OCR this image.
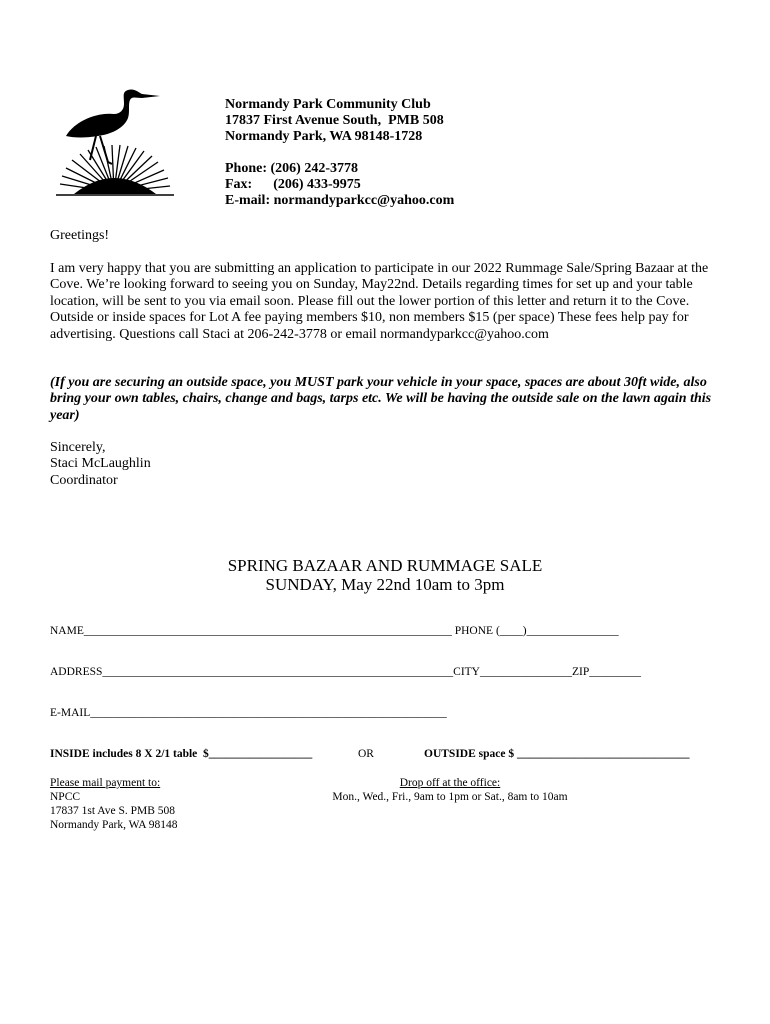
Normandy Park Community Club
17837 First Avenue South,  PMB 508
Normandy Park, WA 98148-1728
Phone: (206) 242-3778
Fax:      (206) 433-9975
E-mail: normandyparkcc@yahoo.com
Greetings!
I am very happy that you are submitting an application to participate in our 2022 Rummage Sale/Spring Bazaar at the Cove. We’re looking forward to seeing you on Sunday, May22nd. Details regarding times for set up and your table location, will be sent to you via email soon. Please fill out the lower portion of this letter and return it to the Cove. Outside or inside spaces for Lot A fee paying members $10, non members $15 (per space) These fees help pay for advertising. Questions call Staci at 206-242-3778 or email normandyparkcc@yahoo.com
(If you are securing an outside space, you MUST park your vehicle in your space, spaces are about 30ft wide, also bring your own tables, chairs, change and bags, tarps etc. We will be having the outside sale on the lawn again this year)
Sincerely,
Staci McLaughlin
Coordinator
SPRING BAZAAR AND RUMMAGE SALE
SUNDAY, May 22nd 10am to 3pm
NAME________________________________________________________________ PHONE (____)________________
ADDRESS_____________________________________________________________CITY________________ZIP_________
E-MAIL______________________________________________________________

INSIDE includes 8 X 2/1 table  $__________________

	OR

	OUTSIDE space $ ______________________________

Please mail payment to:
NPCC
17837 1st Ave S. PMB 508
Normandy Park, WA 98148
Drop off at the office:
Mon., Wed., Fri., 9am to 1pm or Sat., 8am to 10am
